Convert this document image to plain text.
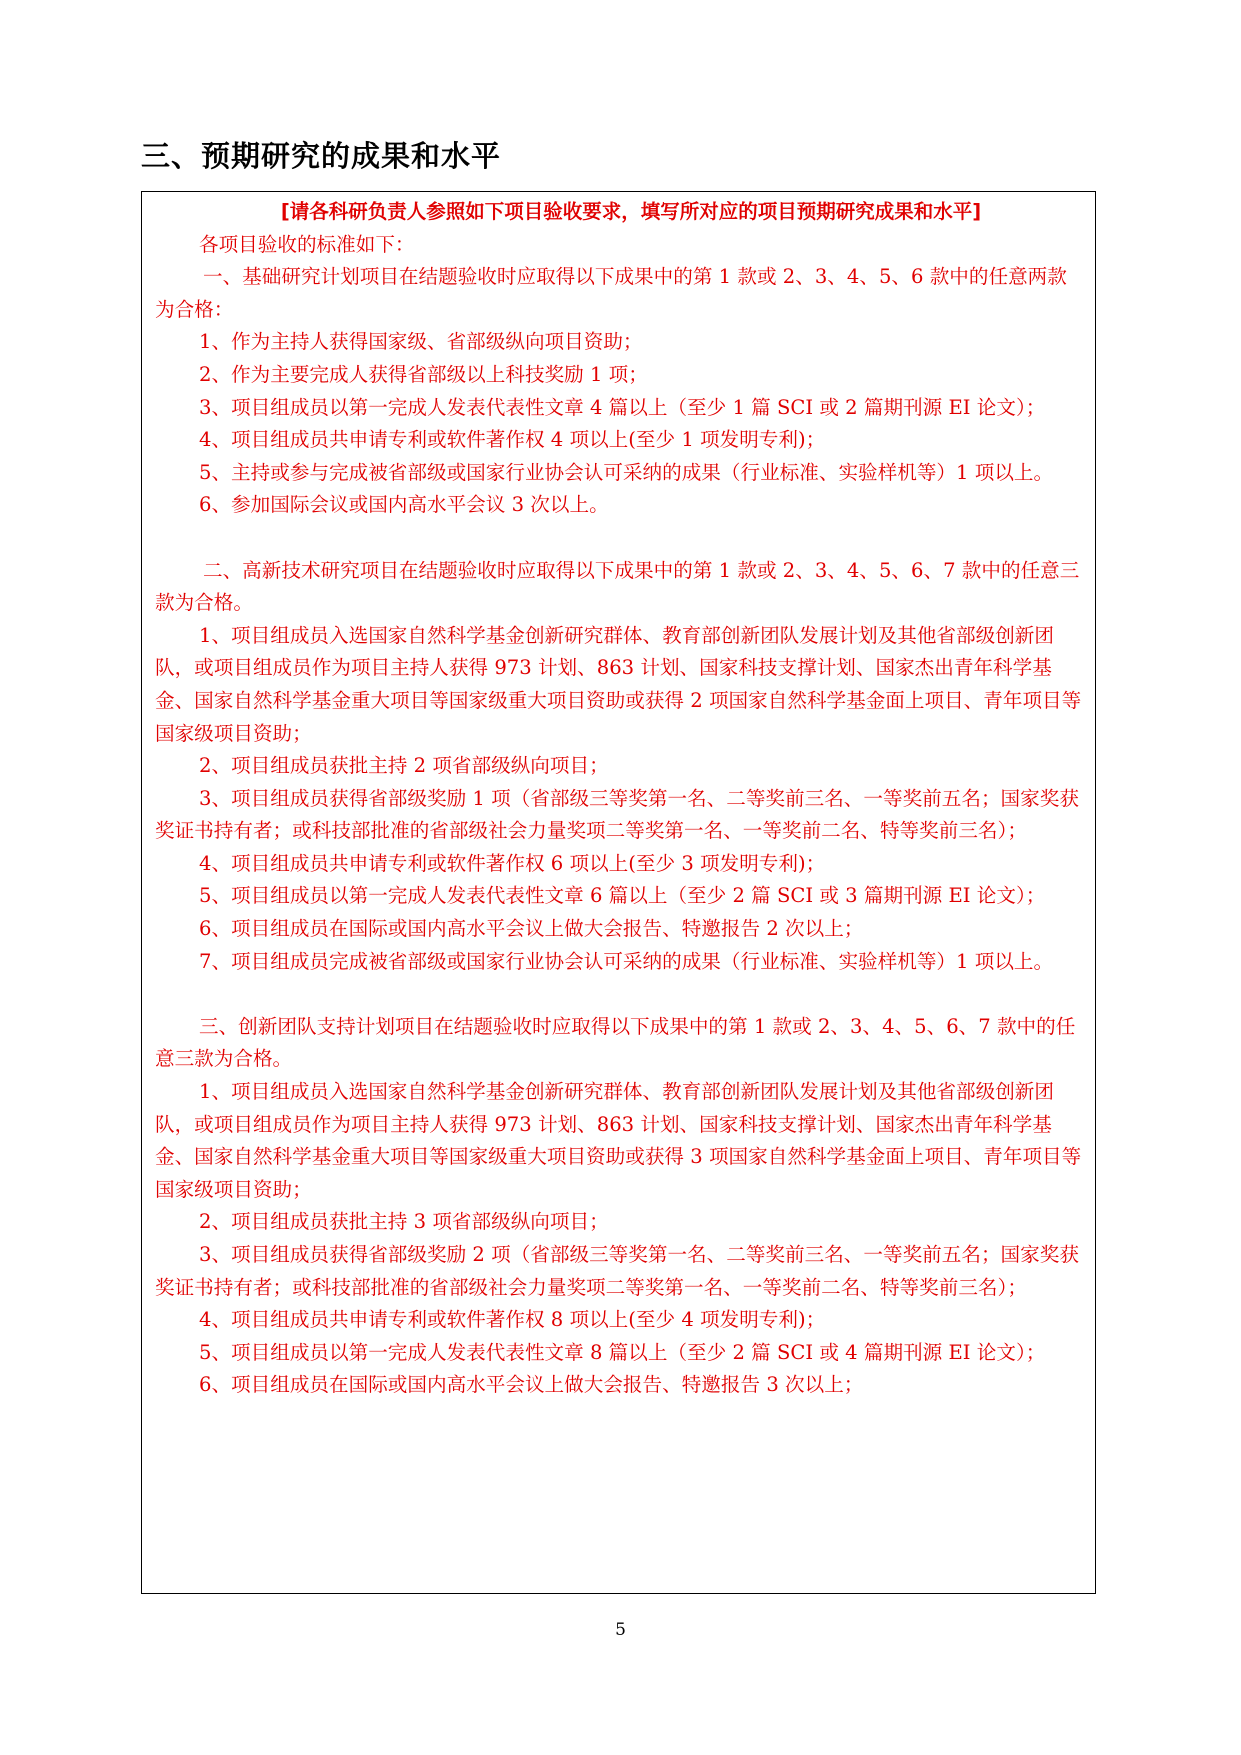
三、预期研究的成果和水平

[请各科研负责人参照如下项目验收要求，填写所对应的项目预期研究成果和水平]

各项目验收的标准如下：

一、基础研究计划项目在结题验收时应取得以下成果中的第 1 款或 2、3、4、5、6 款中的任意两款为合格：

1、作为主持人获得国家级、省部级纵向项目资助；

2、作为主要完成人获得省部级以上科技奖励 1 项；

3、项目组成员以第一完成人发表代表性文章 4 篇以上（至少 1 篇 SCI 或 2 篇期刊源 EI 论文）；

4、项目组成员共申请专利或软件著作权 4 项以上(至少 1 项发明专利)；

5、主持或参与完成被省部级或国家行业协会认可采纳的成果（行业标准、实验样机等）1 项以上。

6、参加国际会议或国内高水平会议 3 次以上。

二、高新技术研究项目在结题验收时应取得以下成果中的第 1 款或 2、3、4、5、6、7 款中的任意三款为合格。

1、项目组成员入选国家自然科学基金创新研究群体、教育部创新团队发展计划及其他省部级创新团队，或项目组成员作为项目主持人获得 973 计划、863 计划、国家科技支撑计划、国家杰出青年科学基金、国家自然科学基金重大项目等国家级重大项目资助或获得 2 项国家自然科学基金面上项目、青年项目等国家级项目资助；

2、项目组成员获批主持 2 项省部级纵向项目；

3、项目组成员获得省部级奖励 1 项（省部级三等奖第一名、二等奖前三名、一等奖前五名；国家奖获奖证书持有者；或科技部批准的省部级社会力量奖项二等奖第一名、一等奖前二名、特等奖前三名）；

4、项目组成员共申请专利或软件著作权 6 项以上(至少 3 项发明专利)；

5、项目组成员以第一完成人发表代表性文章 6 篇以上（至少 2 篇 SCI 或 3 篇期刊源 EI 论文）；

6、项目组成员在国际或国内高水平会议上做大会报告、特邀报告 2 次以上；

7、项目组成员完成被省部级或国家行业协会认可采纳的成果（行业标准、实验样机等）1 项以上。

三、创新团队支持计划项目在结题验收时应取得以下成果中的第 1 款或 2、3、4、5、6、7 款中的任意三款为合格。

1、项目组成员入选国家自然科学基金创新研究群体、教育部创新团队发展计划及其他省部级创新团队，或项目组成员作为项目主持人获得 973 计划、863 计划、国家科技支撑计划、国家杰出青年科学基金、国家自然科学基金重大项目等国家级重大项目资助或获得 3 项国家自然科学基金面上项目、青年项目等国家级项目资助；

2、项目组成员获批主持 3 项省部级纵向项目；

3、项目组成员获得省部级奖励 2 项（省部级三等奖第一名、二等奖前三名、一等奖前五名；国家奖获奖证书持有者；或科技部批准的省部级社会力量奖项二等奖第一名、一等奖前二名、特等奖前三名）；

4、项目组成员共申请专利或软件著作权 8 项以上(至少 4 项发明专利)；

5、项目组成员以第一完成人发表代表性文章 8 篇以上（至少 2 篇 SCI 或 4 篇期刊源 EI 论文）；

6、项目组成员在国际或国内高水平会议上做大会报告、特邀报告 3 次以上；

5
